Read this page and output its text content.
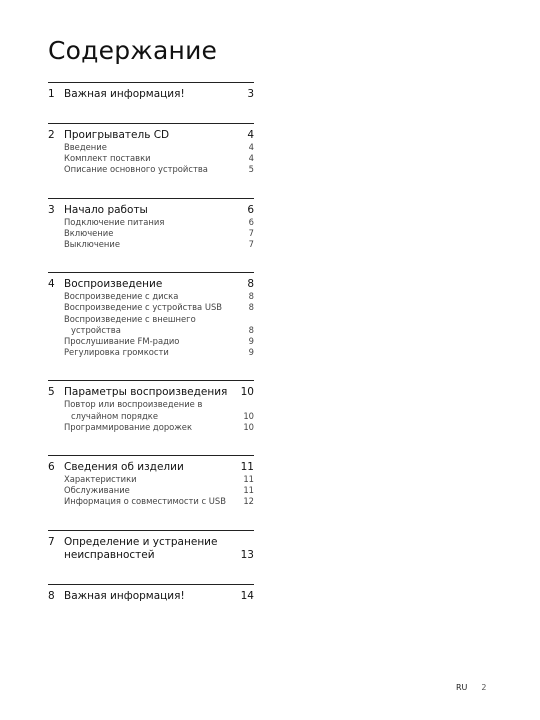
Содержание
1 Важная информация!	3
2 Проигрыватель CD	4
Введение	4
Комплект поставки	4
Описание основного устройства	5
3 Начало работы	6
Подключение питания	6
Включение	7
Выключение	7
4 Воспроизведение	8
Воспроизведение с диска	8
Воспроизведение с устройства USB	8
Воспроизведение с внешнего
устройства	8
Прослушивание FM-радио	9
Регулировка громкости	9
5 Параметры воспроизведения	10
Повтор или воспроизведение в
случайном порядке	10
Программирование дорожек	10
6 Сведения об изделии	11
Характеристики	11
Обслуживание	11
Информация о совместимости с USB	12
7 Определение и устранение
неисправностей	13
8 Важная информация!	14
RU 2
